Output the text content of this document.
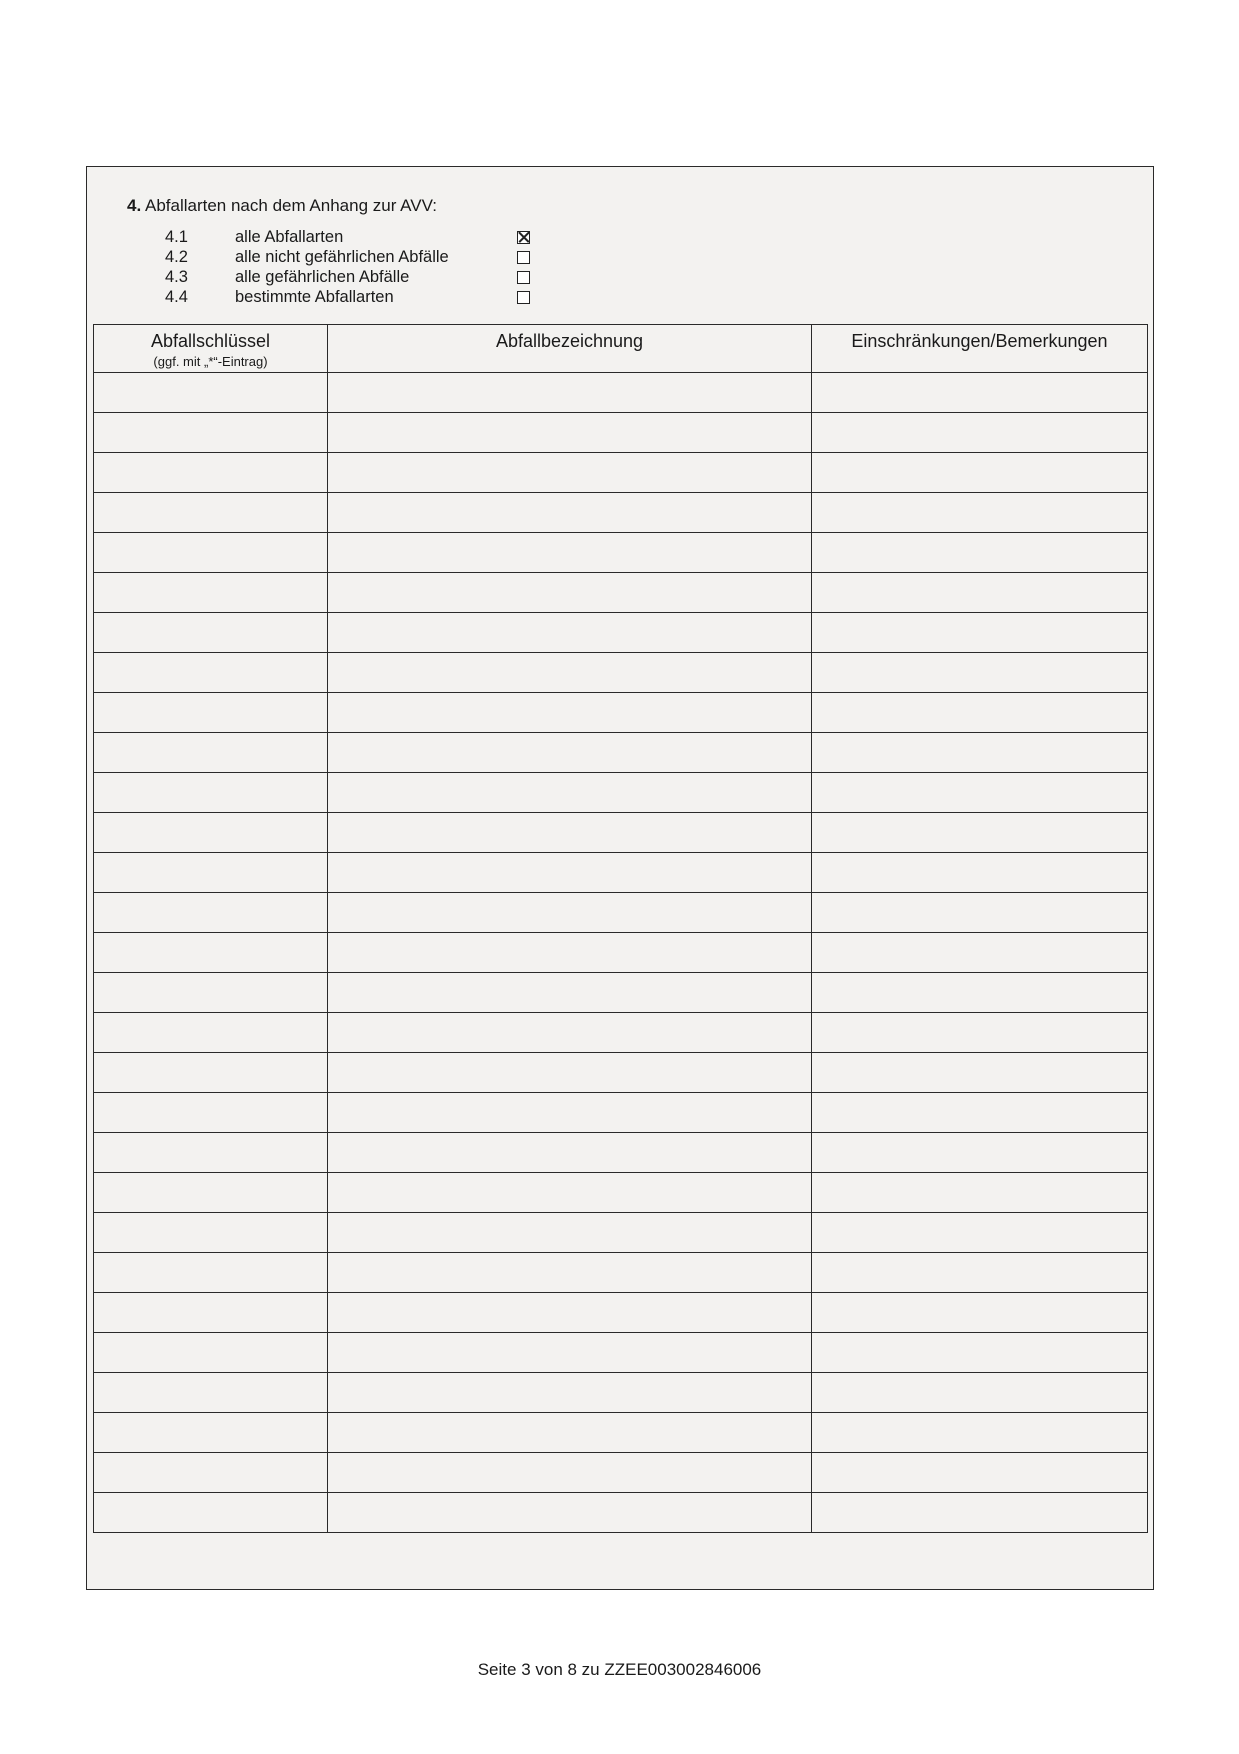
4. Abfallarten nach dem Anhang zur AVV:
4.1	alle Abfallarten
4.2	alle nicht gefährlichen Abfälle
4.3	alle gefährlichen Abfälle
4.4	bestimmte Abfallarten
Abfallschlüssel
(ggf. mit „*“-Eintrag)	Abfallbezeichnung	Einschränkungen/Bemerkungen

Seite 3 von 8 zu ZZEE003002846006
